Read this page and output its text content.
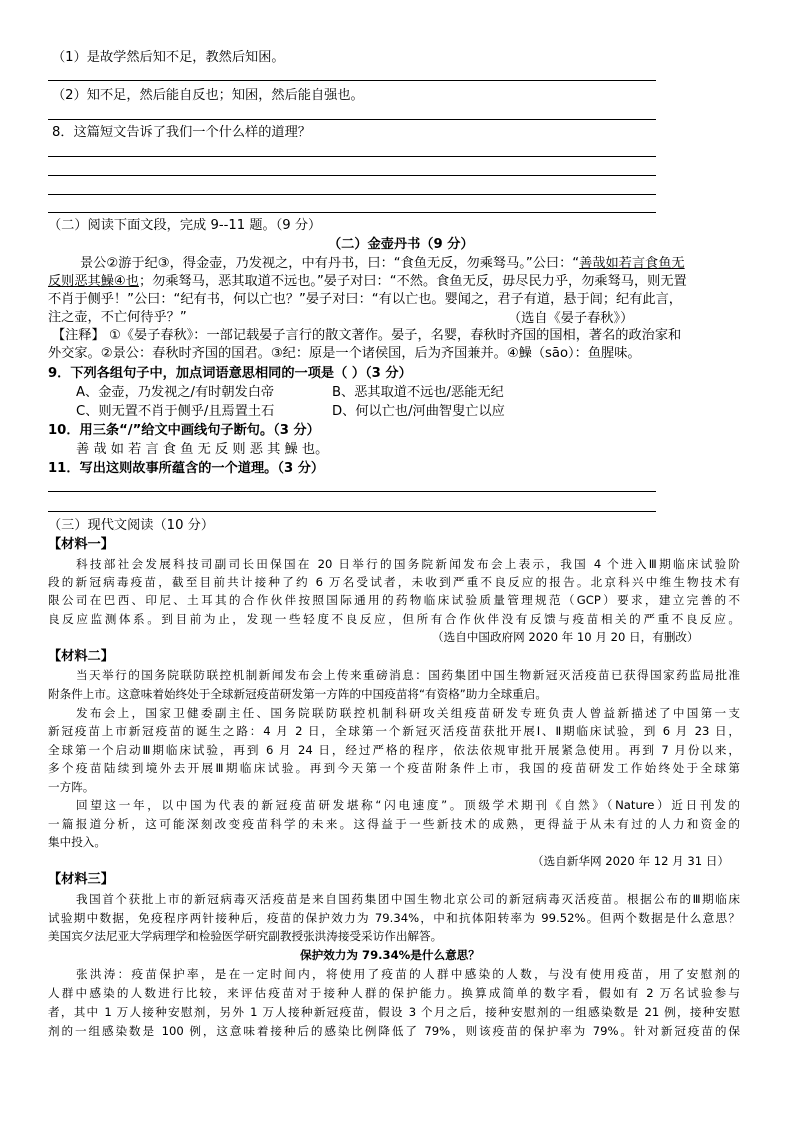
（1）是故学然后知不足，教然后知困。
（2）知不足，然后能自反也；知困，然后能自强也。
8．这篇短文告诉了我们一个什么样的道理？
（二）阅读下面文段，完成 9--11 题。（9 分）
（二）金壶丹书（9 分）
景公②游于纪③，得金壶，乃发视之，中有丹书，曰：“食鱼无反，勿乘驽马。”公曰：“善哉如若言食鱼无
反则恶其鱢④也；勿乘驽马，恶其取道不远也。”晏子对曰：“不然。食鱼无反，毋尽民力乎，勿乘驽马，则无置
不肖于侧乎！”公曰：“纪有书，何以亡也？”晏子对曰：“有以亡也。婴闻之，君子有道，悬于闾；纪有此言，
注之壶，不亡何待乎？”	（选自《晏子春秋》）
【注释】 ①《晏子春秋》：一部记载晏子言行的散文著作。晏子，名婴，春秋时齐国的国相，著名的政治家和
外交家。②景公：春秋时齐国的国君。③纪：原是一个诸侯国，后为齐国兼并。④鱢（sāo）：鱼腥味。
9．下列各组句子中，加点词语意思相同的一项是（ ）（3 分）
A、金壶，乃发视之/有时朝发白帝	B、恶其取道不远也/恶能无纪
C、则无置不肖于侧乎/且焉置土石	D、何以亡也/河曲智叟亡以应
10．用三条“/”给文中画线句子断句。（3 分）
善 哉 如 若 言 食 鱼 无 反 则 恶 其 鱢 也。
11．写出这则故事所蕴含的一个道理。（3 分）
（三）现代文阅读（10 分）
【材料一】
科技部社会发展科技司副司长田保国在 20 日举行的国务院新闻发布会上表示，我国 4 个进入Ⅲ期临床试验阶
段的新冠病毒疫苗，截至目前共计接种了约 6 万名受试者，未收到严重不良反应的报告。北京科兴中维生物技术有
限公司在巴西、印尼、土耳其的合作伙伴按照国际通用的药物临床试验质量管理规范（GCP）要求，建立完善的不
良反应监测体系。到目前为止，发现一些轻度不良反应，但所有合作伙伴没有反馈与疫苗相关的严重不良反应。
（选自中国政府网 2020 年 10 月 20 日，有删改）
【材料二】
当天举行的国务院联防联控机制新闻发布会上传来重磅消息：国药集团中国生物新冠灭活疫苗已获得国家药监局批准
附条件上市。这意味着始终处于全球新冠疫苗研发第一方阵的中国疫苗将“有资格”助力全球重启。
发布会上，国家卫健委副主任、国务院联防联控机制科研攻关组疫苗研发专班负责人曾益新描述了中国第一支
新冠疫苗上市新冠疫苗的诞生之路：4 月 2 日，全球第一个新冠灭活疫苗获批开展Ⅰ、Ⅱ期临床试验，到 6 月 23 日，
全球第一个启动Ⅲ期临床试验，再到 6 月 24 日，经过严格的程序，依法依规审批开展紧急使用。再到 7 月份以来，
多个疫苗陆续到境外去开展Ⅲ期临床试验。再到今天第一个疫苗附条件上市，我国的疫苗研发工作始终处于全球第
一方阵。
回望这一年，以中国为代表的新冠疫苗研发堪称“闪电速度”。顶级学术期刊《自然》（Nature）近日刊发的
一篇报道分析，这可能深刻改变疫苗科学的未来。这得益于一些新技术的成熟，更得益于从未有过的人力和资金的
集中投入。
（选自新华网 2020 年 12 月 31 日）
【材料三】
我国首个获批上市的新冠病毒灭活疫苗是来自国药集团中国生物北京公司的新冠病毒灭活疫苗。根据公布的Ⅲ期临床
试验期中数据，免疫程序两针接种后，疫苗的保护效力为 79.34%，中和抗体阳转率为 99.52%。但两个数据是什么意思？
美国宾夕法尼亚大学病理学和检验医学研究副教授张洪涛接受采访作出解答。
保护效力为 79.34%是什么意思？
张洪涛：疫苗保护率，是在一定时间内，将使用了疫苗的人群中感染的人数，与没有使用疫苗，用了安慰剂的
人群中感染的人数进行比较，来评估疫苗对于接种人群的保护能力。换算成简单的数字看，假如有 2 万名试验参与
者，其中 1 万人接种安慰剂，另外 1 万人接种新冠疫苗，假设 3 个月之后，接种安慰剂的一组感染数是 21 例，接种安慰
剂的一组感染数是 100 例，这意味着接种后的感染比例降低了 79%，则该疫苗的保护率为 79%。针对新冠疫苗的保
